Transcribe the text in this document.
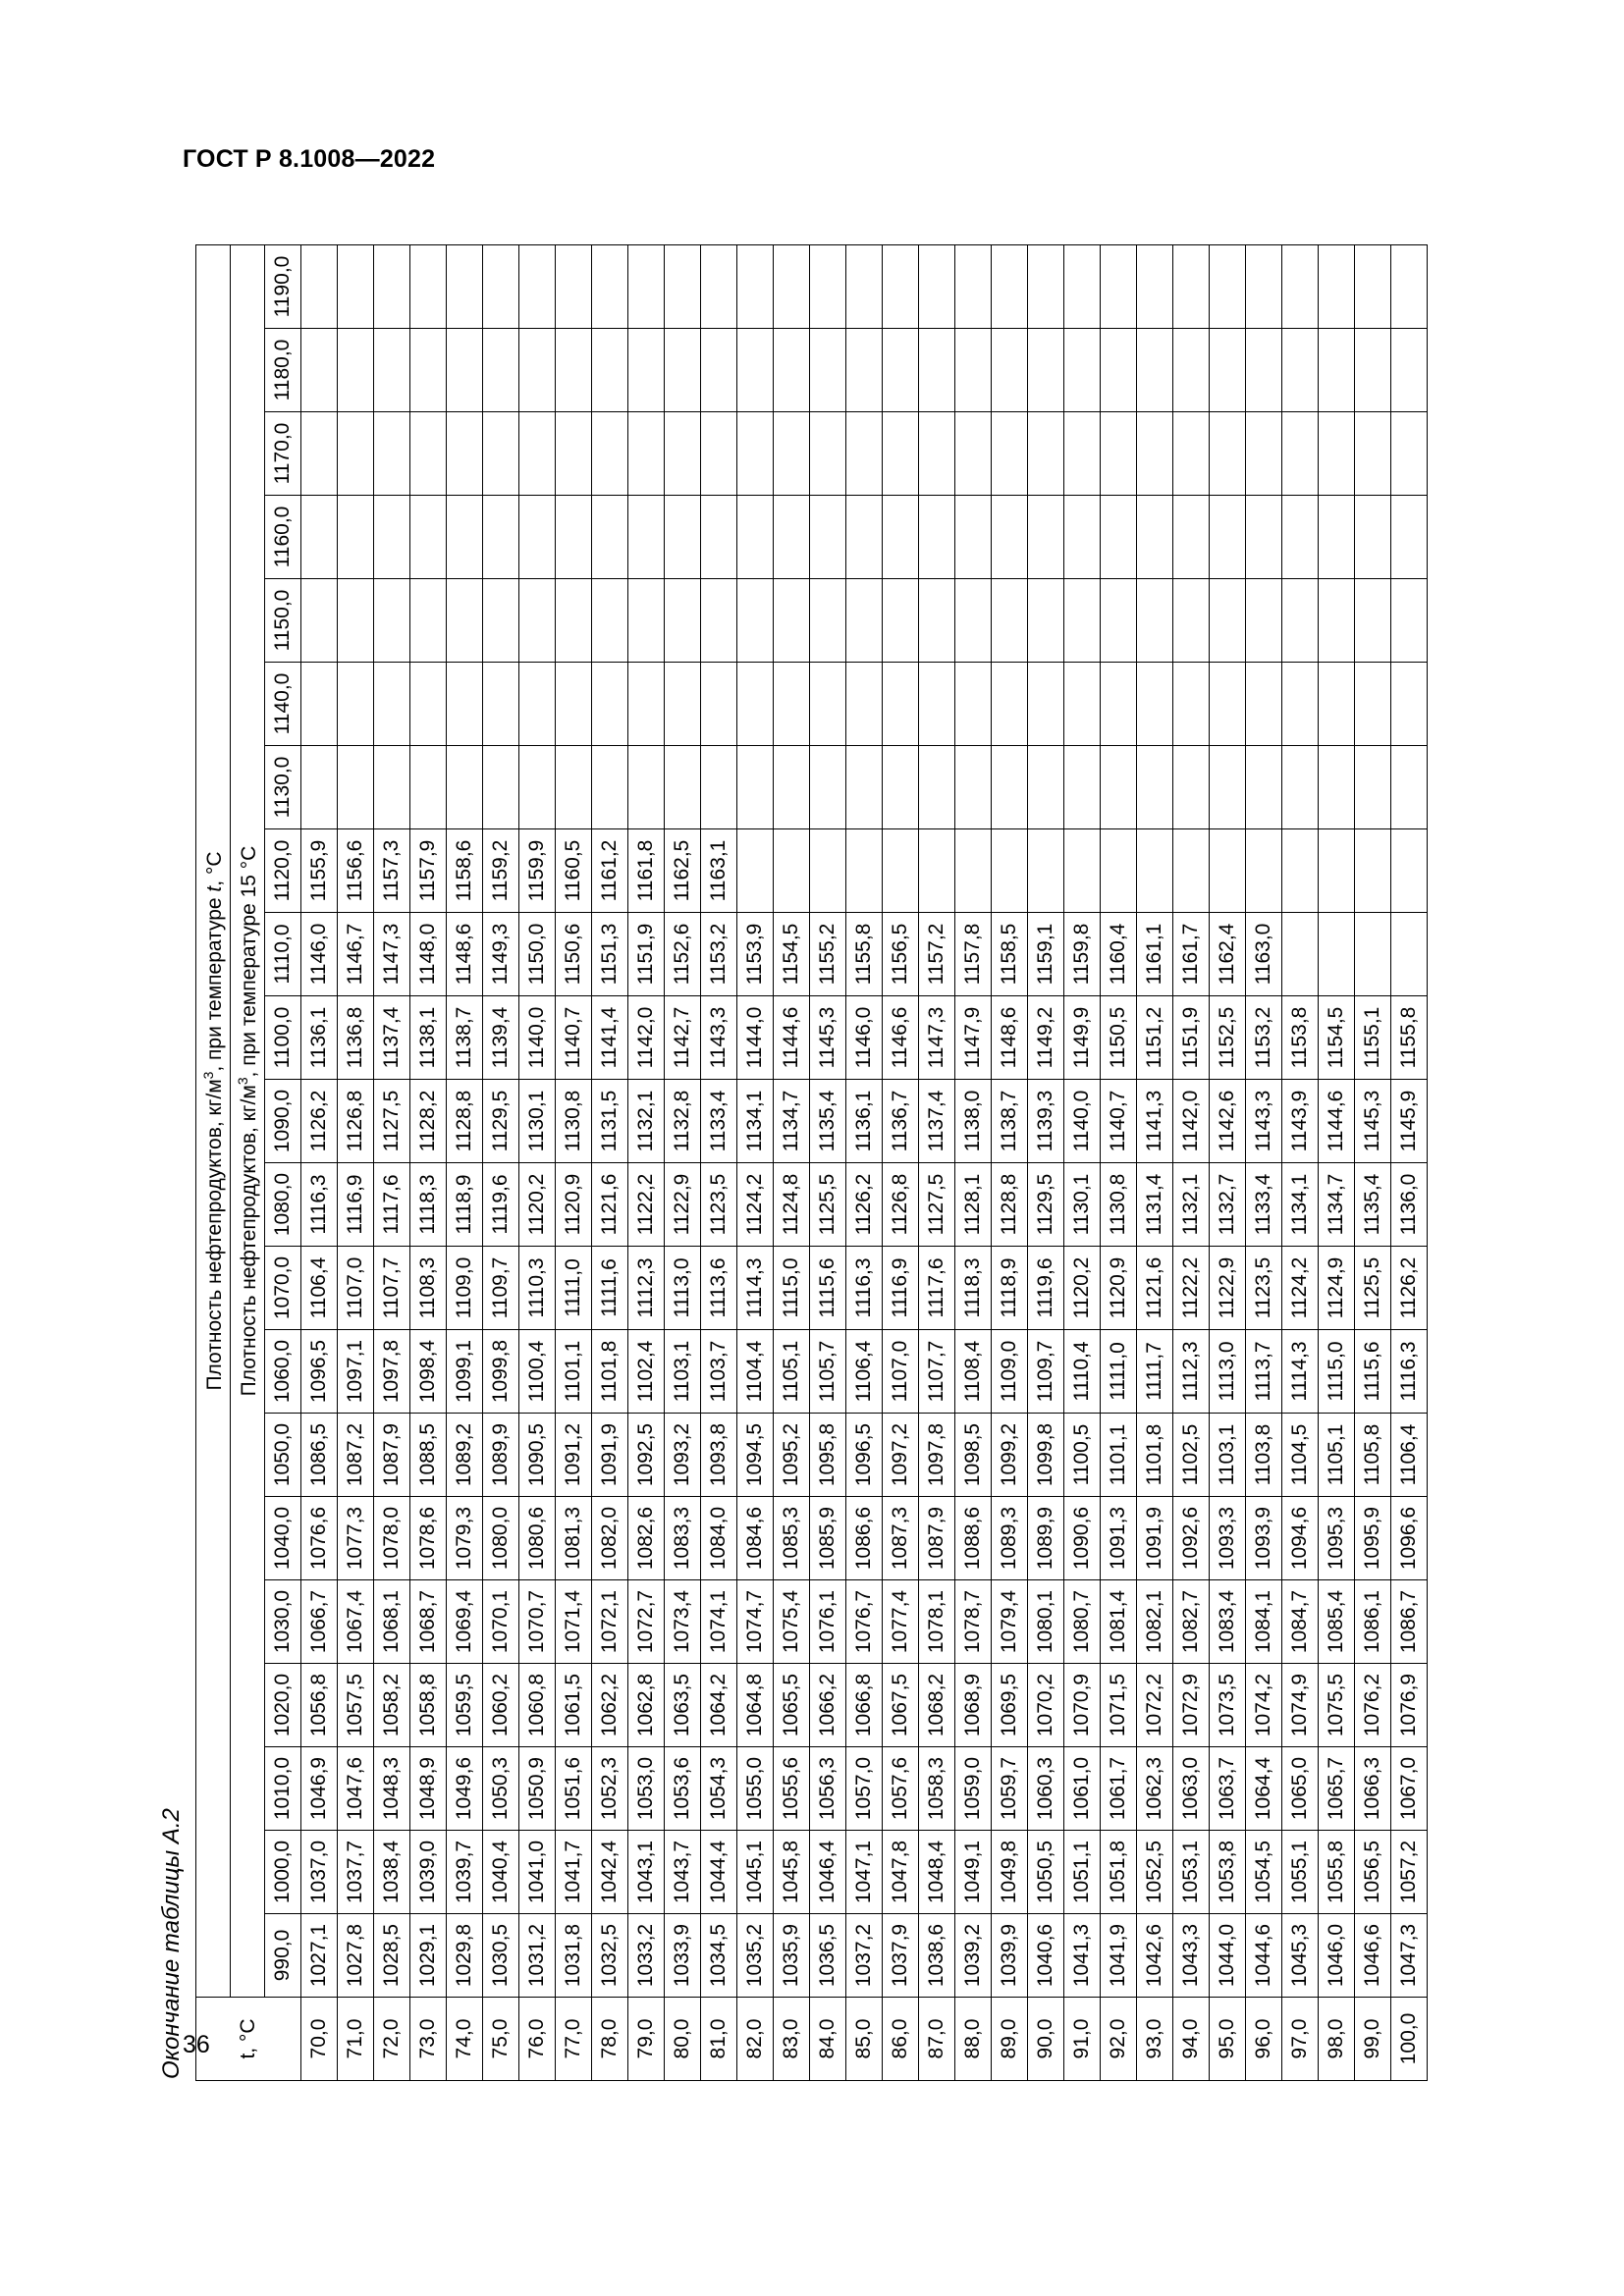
ГОСТ Р 8.1008—2022
Окончание таблицы А.2	t, °C	Плотность нефтепродуктов, $кг/м^3$, при температуре t, °C																				
	Плотность нефтепродуктов, $кг/м^3$, при температуре 15 °C																				
	990,0	1000,0	1010,0	1020,0	1030,0	1040,0	1050,0	1060,0	1070,0	1080,0	1090,0	1100,0	1110,0	1120,0	1130,0	1140,0	1150,0	1160,0	1170,0	1180,0	1190,0
70,0	1027,1	1037,0	1046,9	1056,8	1066,7	1076,6	1086,5	1096,5	1106,4	1116,3	1126,2	1136,1	1146,0	1155,9							
71,0	1027,8	1037,7	1047,6	1057,5	1067,4	1077,3	1087,2	1097,1	1107,0	1116,9	1126,8	1136,8	1146,7	1156,6							
72,0	1028,5	1038,4	1048,3	1058,2	1068,1	1078,0	1087,9	1097,8	1107,7	1117,6	1127,5	1137,4	1147,3	1157,3							
73,0	1029,1	1039,0	1048,9	1058,8	1068,7	1078,6	1088,5	1098,4	1108,3	1118,3	1128,2	1138,1	1148,0	1157,9							
74,0	1029,8	1039,7	1049,6	1059,5	1069,4	1079,3	1089,2	1099,1	1109,0	1118,9	1128,8	1138,7	1148,6	1158,6							
75,0	1030,5	1040,4	1050,3	1060,2	1070,1	1080,0	1089,9	1099,8	1109,7	1119,6	1129,5	1139,4	1149,3	1159,2							
76,0	1031,2	1041,0	1050,9	1060,8	1070,7	1080,6	1090,5	1100,4	1110,3	1120,2	1130,1	1140,0	1150,0	1159,9							
77,0	1031,8	1041,7	1051,6	1061,5	1071,4	1081,3	1091,2	1101,1	1111,0	1120,9	1130,8	1140,7	1150,6	1160,5							
78,0	1032,5	1042,4	1052,3	1062,2	1072,1	1082,0	1091,9	1101,8	1111,6	1121,6	1131,5	1141,4	1151,3	1161,2							
79,0	1033,2	1043,1	1053,0	1062,8	1072,7	1082,6	1092,5	1102,4	1112,3	1122,2	1132,1	1142,0	1151,9	1161,8							
80,0	1033,9	1043,7	1053,6	1063,5	1073,4	1083,3	1093,2	1103,1	1113,0	1122,9	1132,8	1142,7	1152,6	1162,5							
81,0	1034,5	1044,4	1054,3	1064,2	1074,1	1084,0	1093,8	1103,7	1113,6	1123,5	1133,4	1143,3	1153,2	1163,1							
82,0	1035,2	1045,1	1055,0	1064,8	1074,7	1084,6	1094,5	1104,4	1114,3	1124,2	1134,1	1144,0	1153,9								
83,0	1035,9	1045,8	1055,6	1065,5	1075,4	1085,3	1095,2	1105,1	1115,0	1124,8	1134,7	1144,6	1154,5								
84,0	1036,5	1046,4	1056,3	1066,2	1076,1	1085,9	1095,8	1105,7	1115,6	1125,5	1135,4	1145,3	1155,2								
85,0	1037,2	1047,1	1057,0	1066,8	1076,7	1086,6	1096,5	1106,4	1116,3	1126,2	1136,1	1146,0	1155,8								
86,0	1037,9	1047,8	1057,6	1067,5	1077,4	1087,3	1097,2	1107,0	1116,9	1126,8	1136,7	1146,6	1156,5								
87,0	1038,6	1048,4	1058,3	1068,2	1078,1	1087,9	1097,8	1107,7	1117,6	1127,5	1137,4	1147,3	1157,2								
88,0	1039,2	1049,1	1059,0	1068,9	1078,7	1088,6	1098,5	1108,4	1118,3	1128,1	1138,0	1147,9	1157,8								
89,0	1039,9	1049,8	1059,7	1069,5	1079,4	1089,3	1099,2	1109,0	1118,9	1128,8	1138,7	1148,6	1158,5								
90,0	1040,6	1050,5	1060,3	1070,2	1080,1	1089,9	1099,8	1109,7	1119,6	1129,5	1139,3	1149,2	1159,1								
91,0	1041,3	1051,1	1061,0	1070,9	1080,7	1090,6	1100,5	1110,4	1120,2	1130,1	1140,0	1149,9	1159,8								
92,0	1041,9	1051,8	1061,7	1071,5	1081,4	1091,3	1101,1	1111,0	1120,9	1130,8	1140,7	1150,5	1160,4								
93,0	1042,6	1052,5	1062,3	1072,2	1082,1	1091,9	1101,8	1111,7	1121,6	1131,4	1141,3	1151,2	1161,1								
94,0	1043,3	1053,1	1063,0	1072,9	1082,7	1092,6	1102,5	1112,3	1122,2	1132,1	1142,0	1151,9	1161,7								
95,0	1044,0	1053,8	1063,7	1073,5	1083,4	1093,3	1103,1	1113,0	1122,9	1132,7	1142,6	1152,5	1162,4								
96,0	1044,6	1054,5	1064,4	1074,2	1084,1	1093,9	1103,8	1113,7	1123,5	1133,4	1143,3	1153,2	1163,0								
97,0	1045,3	1055,1	1065,0	1074,9	1084,7	1094,6	1104,5	1114,3	1124,2	1134,1	1143,9	1153,8									
98,0	1046,0	1055,8	1065,7	1075,5	1085,4	1095,3	1105,1	1115,0	1124,9	1134,7	1144,6	1154,5									
99,0	1046,6	1056,5	1066,3	1076,2	1086,1	1095,9	1105,8	1115,6	1125,5	1135,4	1145,3	1155,1									
100,0	1047,3	1057,2	1067,0	1076,9	1086,7	1096,6	1106,4	1116,3	1126,2	1136,0	1145,9	1155,8									
36
